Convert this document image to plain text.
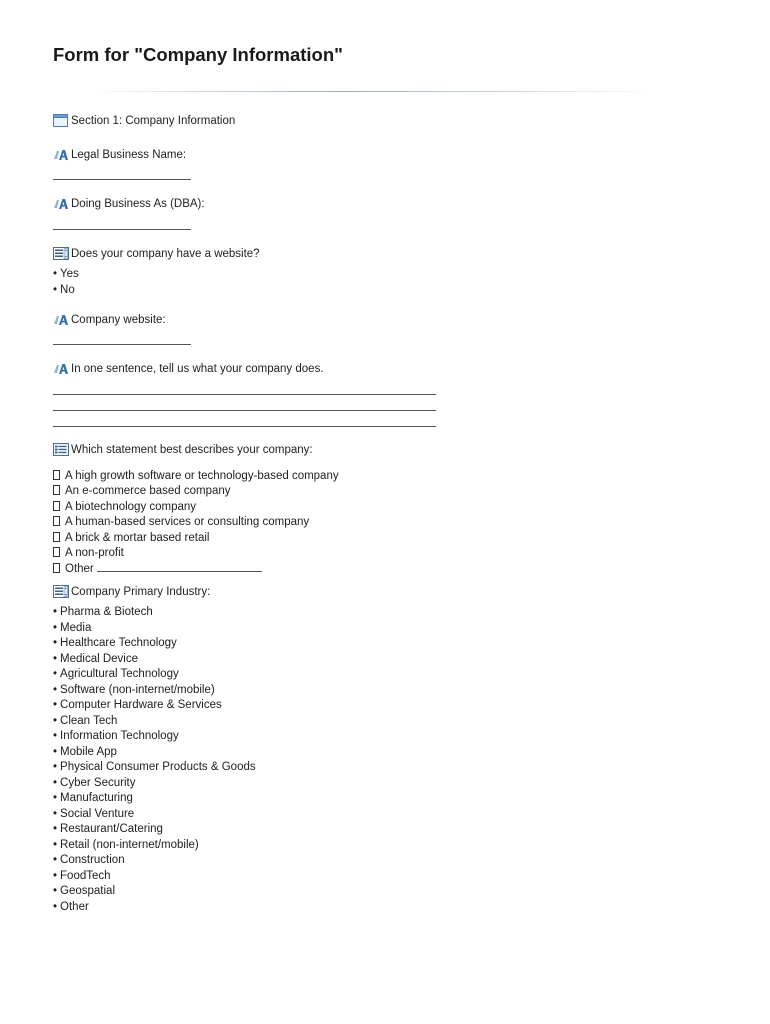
Form for "Company Information"
Section 1: Company Information
Legal Business Name:
Doing Business As (DBA):
Does your company have a website?
• Yes
• No
Company website:
In one sentence, tell us what your company does.
Which statement best describes your company:
A high growth software or technology-based company
An e-commerce based company
A biotechnology company
A human-based services or consulting company
A brick & mortar based retail
A non-profit
Other
Company Primary Industry:
• Pharma & Biotech
• Media
• Healthcare Technology
• Medical Device
• Agricultural Technology
• Software (non-internet/mobile)
• Computer Hardware & Services
• Clean Tech
• Information Technology
• Mobile App
• Physical Consumer Products & Goods
• Cyber Security
• Manufacturing
• Social Venture
• Restaurant/Catering
• Retail (non-internet/mobile)
• Construction
• FoodTech
• Geospatial
• Other
